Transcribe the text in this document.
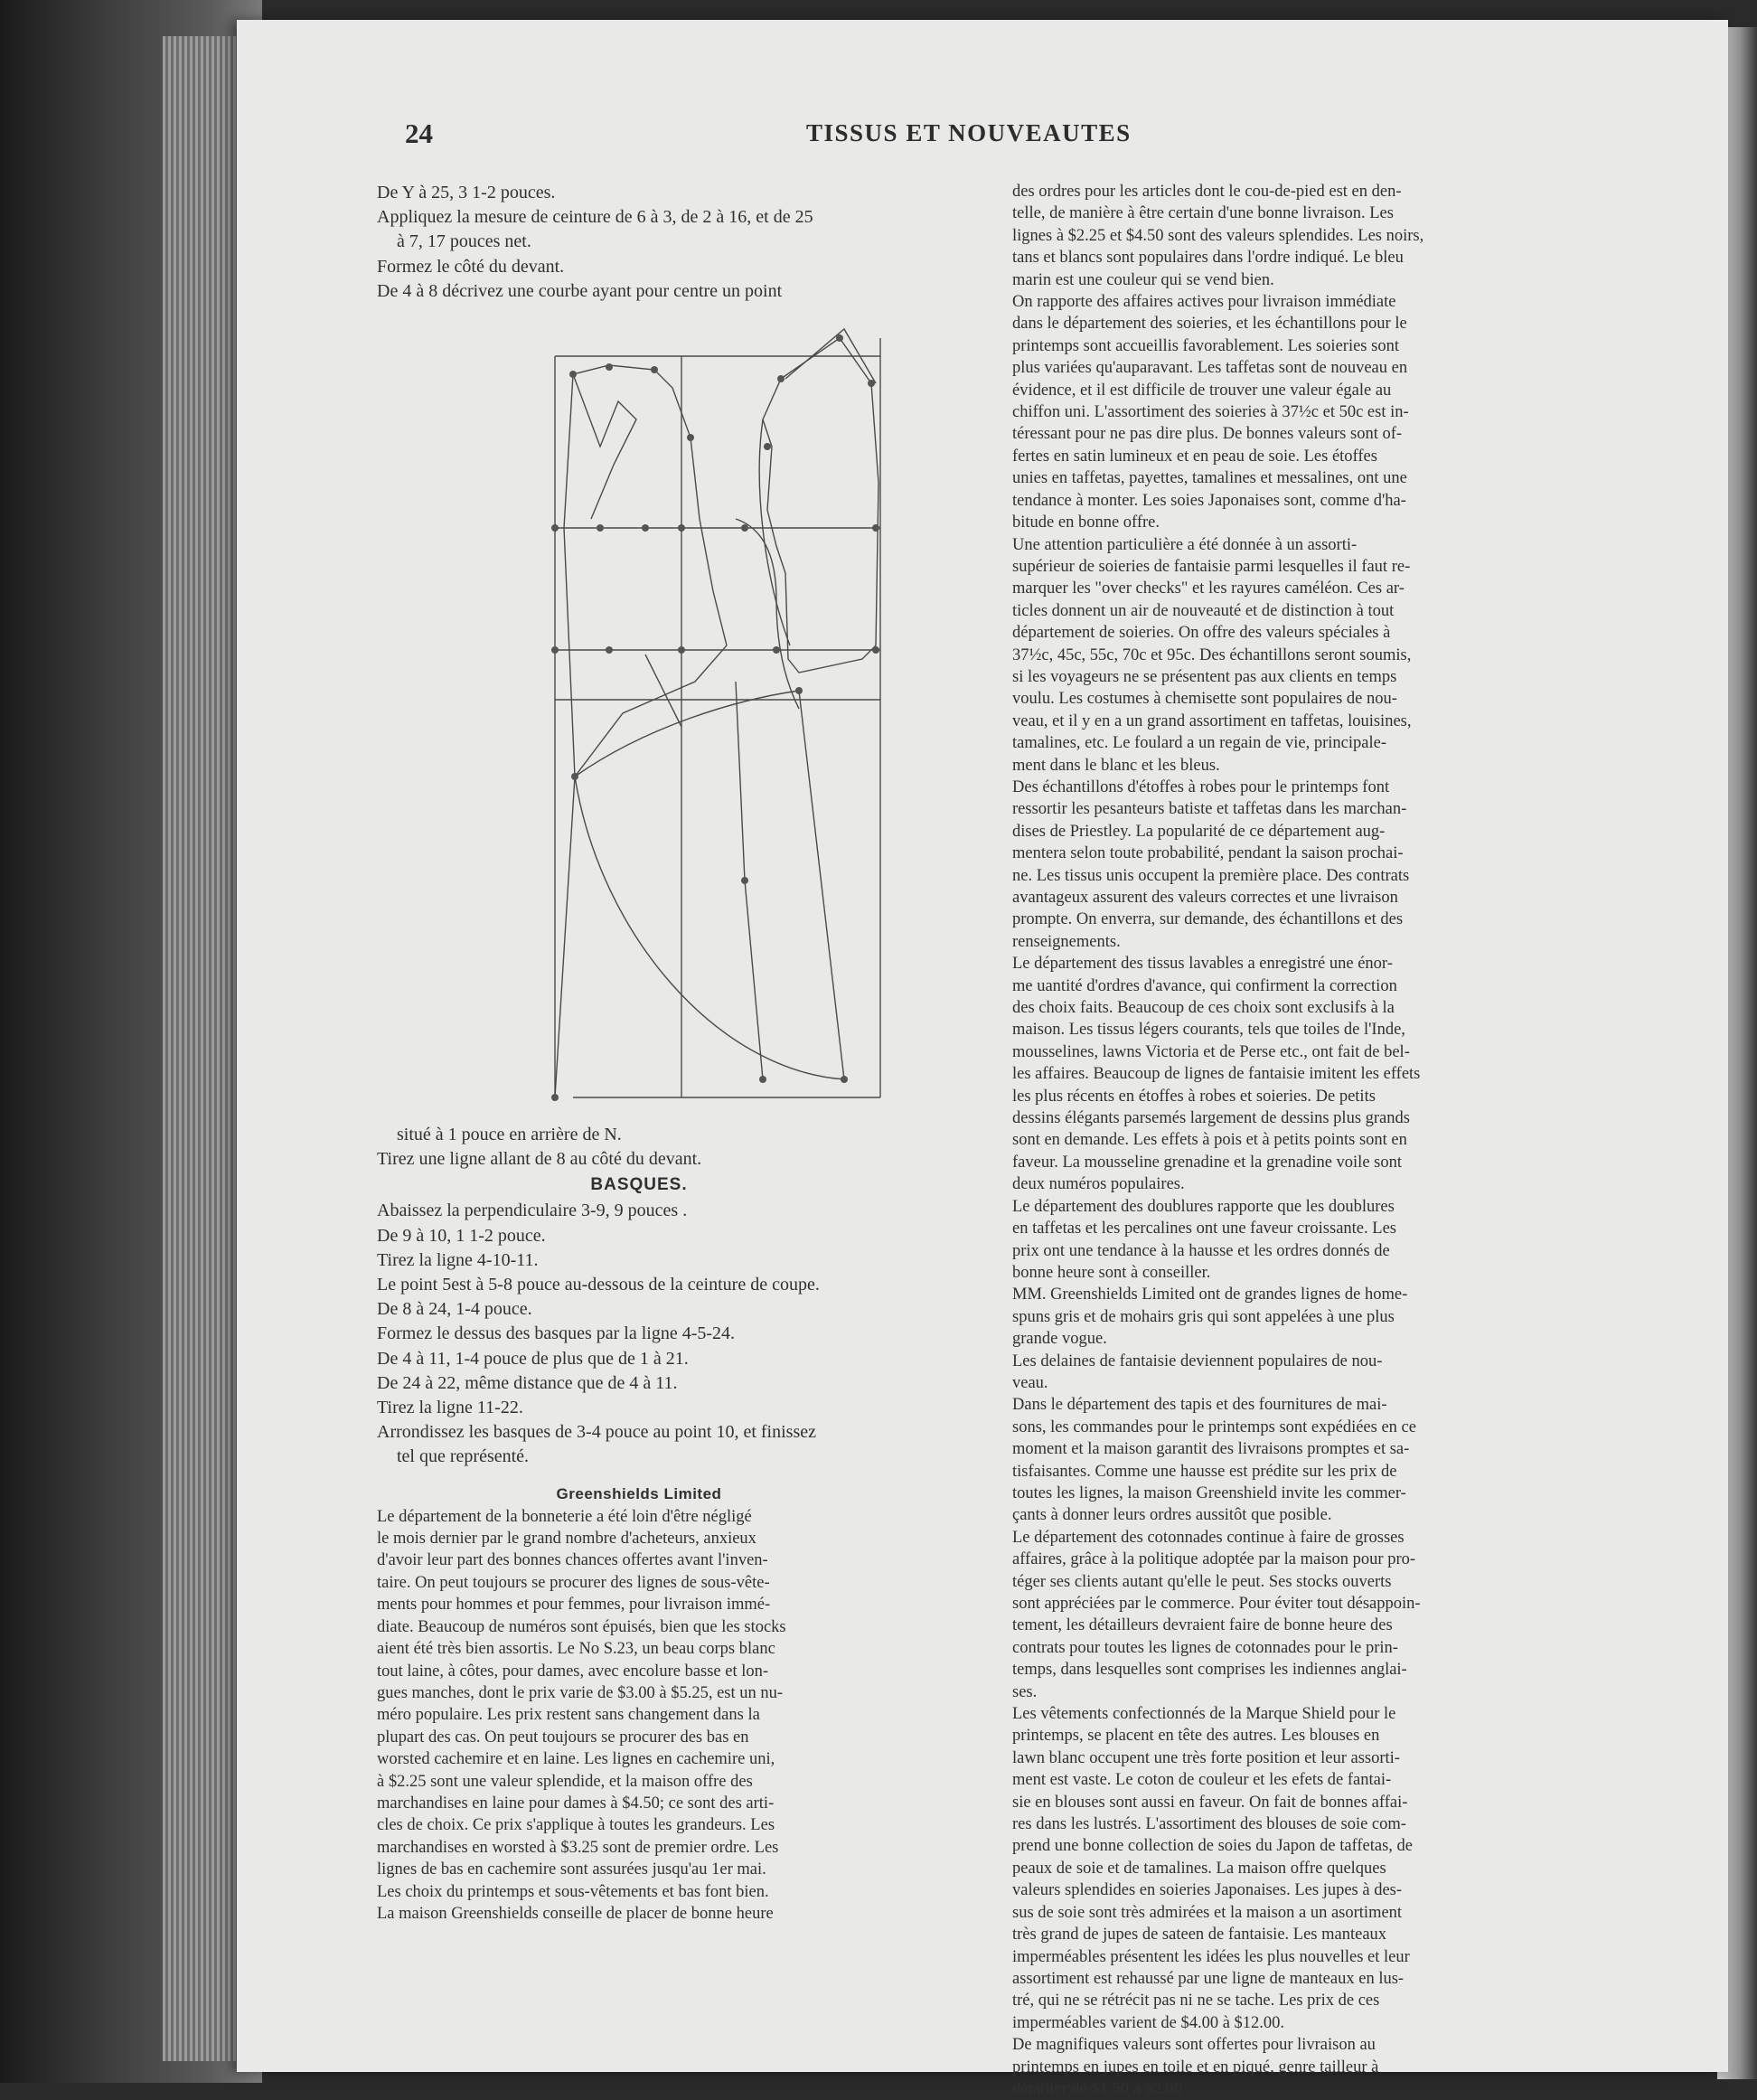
24	TISSUS ET NOUVEAUTES
De Y à 25, 3 1-2 pouces.
Appliquez la mesure de ceinture de 6 à 3, de 2 à 16, et de 25
à 7, 17 pouces net.
Formez le côté du devant.
De 4 à 8 décrivez une courbe ayant pour centre un point
situé à 1 pouce en arrière de N.
Tirez une ligne allant de 8 au côté du devant.
BASQUES.
Abaissez la perpendiculaire 3-9, 9 pouces .
De 9 à 10, 1 1-2 pouce.
Tirez la ligne 4-10-11.
Le point 5est à 5-8 pouce au-dessous de la ceinture de coupe.
De 8 à 24, 1-4 pouce.
Formez le dessus des basques par la ligne 4-5-24.
De 4 à 11, 1-4 pouce de plus que de 1 à 21.
De 24 à 22, même distance que de 4 à 11.
Tirez la ligne 11-22.
Arrondissez les basques de 3-4 pouce au point 10, et finissez
tel que représenté.
Greenshields Limited
Le département de la bonneterie a été loin d'être négligé
le mois dernier par le grand nombre d'acheteurs, anxieux
d'avoir leur part des bonnes chances offertes avant l'inven-
taire. On peut toujours se procurer des lignes de sous-vête-
ments pour hommes et pour femmes, pour livraison immé-
diate. Beaucoup de numéros sont épuisés, bien que les stocks
aient été très bien assortis. Le No S.23, un beau corps blanc
tout laine, à côtes, pour dames, avec encolure basse et lon-
gues manches, dont le prix varie de $3.00 à $5.25, est un nu-
méro populaire. Les prix restent sans changement dans la
plupart des cas. On peut toujours se procurer des bas en
worsted cachemire et en laine. Les lignes en cachemire uni,
à $2.25 sont une valeur splendide, et la maison offre des
marchandises en laine pour dames à $4.50; ce sont des arti-
cles de choix. Ce prix s'applique à toutes les grandeurs. Les
marchandises en worsted à $3.25 sont de premier ordre. Les
lignes de bas en cachemire sont assurées jusqu'au 1er mai.
Les choix du printemps et sous-vêtements et bas font bien.
La maison Greenshields conseille de placer de bonne heure
des ordres pour les articles dont le cou-de-pied est en den-
telle, de manière à être certain d'une bonne livraison. Les
lignes à $2.25 et $4.50 sont des valeurs splendides. Les noirs,
tans et blancs sont populaires dans l'ordre indiqué. Le bleu
marin est une couleur qui se vend bien.
On rapporte des affaires actives pour livraison immédiate
dans le département des soieries, et les échantillons pour le
printemps sont accueillis favorablement. Les soieries sont
plus variées qu'auparavant. Les taffetas sont de nouveau en
évidence, et il est difficile de trouver une valeur égale au
chiffon uni. L'assortiment des soieries à 37½c et 50c est in-
téressant pour ne pas dire plus. De bonnes valeurs sont of-
fertes en satin lumineux et en peau de soie. Les étoffes
unies en taffetas, payettes, tamalines et messalines, ont une
tendance à monter. Les soies Japonaises sont, comme d'ha-
bitude en bonne offre.
Une attention particulière a été donnée à un assorti-
supérieur de soieries de fantaisie parmi lesquelles il faut re-
marquer les "over checks" et les rayures caméléon. Ces ar-
ticles donnent un air de nouveauté et de distinction à tout
département de soieries. On offre des valeurs spéciales à
37½c, 45c, 55c, 70c et 95c. Des échantillons seront soumis,
si les voyageurs ne se présentent pas aux clients en temps
voulu. Les costumes à chemisette sont populaires de nou-
veau, et il y en a un grand assortiment en taffetas, louisines,
tamalines, etc. Le foulard a un regain de vie, principale-
ment dans le blanc et les bleus.
Des échantillons d'étoffes à robes pour le printemps font
ressortir les pesanteurs batiste et taffetas dans les marchan-
dises de Priestley. La popularité de ce département aug-
mentera selon toute probabilité, pendant la saison prochai-
ne. Les tissus unis occupent la première place. Des contrats
avantageux assurent des valeurs correctes et une livraison
prompte. On enverra, sur demande, des échantillons et des
renseignements.
Le département des tissus lavables a enregistré une énor-
me uantité d'ordres d'avance, qui confirment la correction
des choix faits. Beaucoup de ces choix sont exclusifs à la
maison. Les tissus légers courants, tels que toiles de l'Inde,
mousselines, lawns Victoria et de Perse etc., ont fait de bel-
les affaires. Beaucoup de lignes de fantaisie imitent les effets
les plus récents en étoffes à robes et soieries. De petits
dessins élégants parsemés largement de dessins plus grands
sont en demande. Les effets à pois et à petits points sont en
faveur. La mousseline grenadine et la grenadine voile sont
deux numéros populaires.
Le département des doublures rapporte que les doublures
en taffetas et les percalines ont une faveur croissante. Les
prix ont une tendance à la hausse et les ordres donnés de
bonne heure sont à conseiller.
MM. Greenshields Limited ont de grandes lignes de home-
spuns gris et de mohairs gris qui sont appelées à une plus
grande vogue.
Les delaines de fantaisie deviennent populaires de nou-
veau.
Dans le département des tapis et des fournitures de mai-
sons, les commandes pour le printemps sont expédiées en ce
moment et la maison garantit des livraisons promptes et sa-
tisfaisantes. Comme une hausse est prédite sur les prix de
toutes les lignes, la maison Greenshield invite les commer-
çants à donner leurs ordres aussitôt que posible.
Le département des cotonnades continue à faire de grosses
affaires, grâce à la politique adoptée par la maison pour pro-
téger ses clients autant qu'elle le peut. Ses stocks ouverts
sont appréciées par le commerce. Pour éviter tout désappoin-
tement, les détailleurs devraient faire de bonne heure des
contrats pour toutes les lignes de cotonnades pour le prin-
temps, dans lesquelles sont comprises les indiennes anglai-
ses.
Les vêtements confectionnés de la Marque Shield pour le
printemps, se placent en tête des autres. Les blouses en
lawn blanc occupent une très forte position et leur assorti-
ment est vaste. Le coton de couleur et les efets de fantai-
sie en blouses sont aussi en faveur. On fait de bonnes affai-
res dans les lustrés. L'assortiment des blouses de soie com-
prend une bonne collection de soies du Japon de taffetas, de
peaux de soie et de tamalines. La maison offre quelques
valeurs splendides en soieries Japonaises. Les jupes à des-
sus de soie sont très admirées et la maison a un asortiment
très grand de jupes de sateen de fantaisie. Les manteaux
imperméables présentent les idées les plus nouvelles et leur
assortiment est rehaussé par une ligne de manteaux en lus-
tré, qui ne se rétrécit pas ni ne se tache. Les prix de ces
imperméables varient de $4.00 à $12.00.
De magnifiques valeurs sont offertes pour livraison au
printemps en jupes en toile et en piqué, genre tailleur à
détailler de $1.50 à $2.00
